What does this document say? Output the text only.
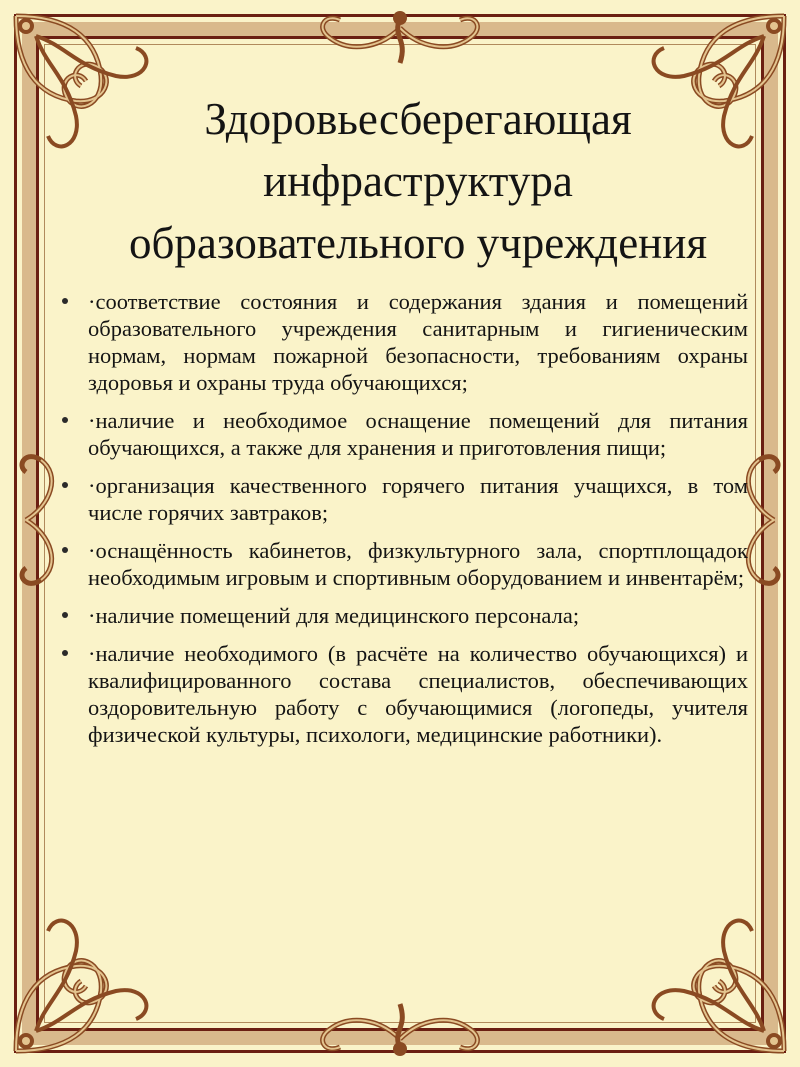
Здоровьесберегающая
инфраструктура
образовательного учреждения
·соответствие состояния и содержания здания и помещений образовательного учреждения санитарным и гигиеническим нормам, нормам пожарной безопасности, требованиям охраны здоровья и охраны труда обучающихся;
·наличие и необходимое оснащение помещений для питания обучающихся, а также для хранения и приготовления пищи;
·организация качественного горячего питания учащихся, в том числе горячих завтраков;
·оснащённость кабинетов, физкультурного зала, спортплощадок необходимым игровым и спортивным оборудованием и инвентарём;
·наличие помещений для медицинского персонала;
·наличие необходимого (в расчёте на количество обучающихся) и квалифицированного состава специалистов, обеспечивающих оздоровительную работу с обучающимися (логопеды, учителя физической культуры, психологи, медицинские работники).
